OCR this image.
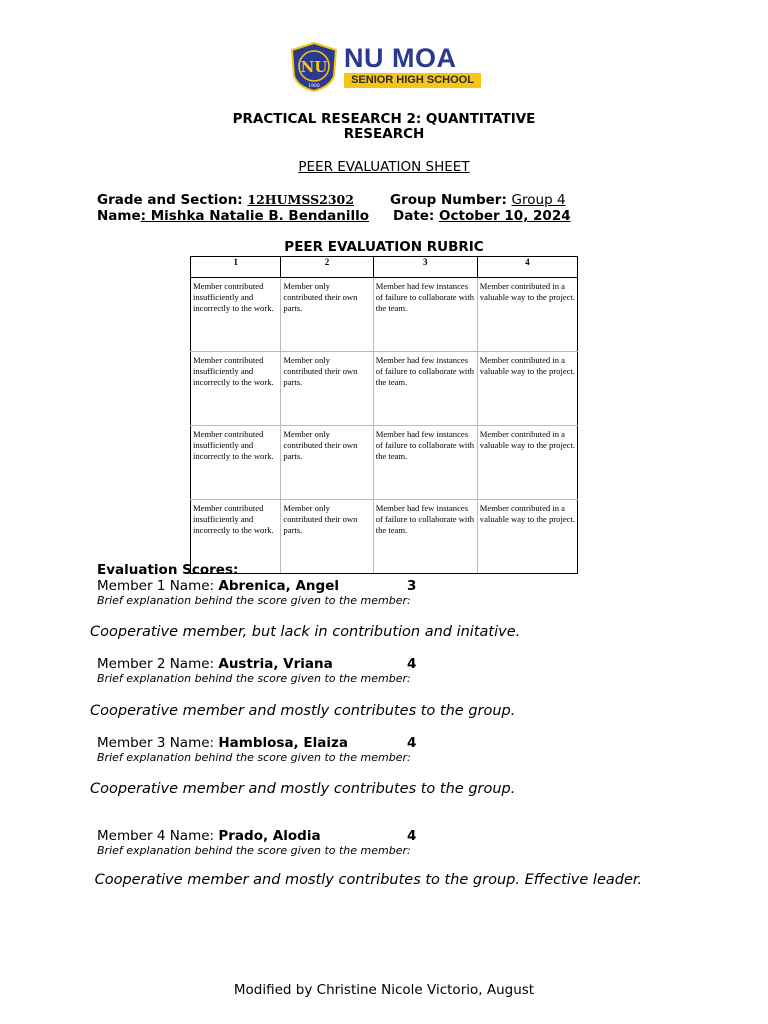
NU
1900
NU MOA
SENIOR HIGH SCHOOL
PRACTICAL RESEARCH 2: QUANTITATIVE
RESEARCH
PEER EVALUATION SHEET
Grade and Section: 12HUMSS2302	Group Number: Group 4
Name: Mishka Natalie B. Bendanillo Date: October 10, 2024
PEER EVALUATION RUBRIC
1	2	3	4
Member contributed insufficiently and incorrectly to the work.	Member only contributed their own parts.	Member had few instances of failure to collaborate with the team.	Member contributed in a valuable way to the project.
Member contributed insufficiently and incorrectly to the work.	Member only contributed their own parts.	Member had few instances of failure to collaborate with the team.	Member contributed in a valuable way to the project.
Member contributed insufficiently and incorrectly to the work.	Member only contributed their own parts.	Member had few instances of failure to collaborate with the team.	Member contributed in a valuable way to the project.
Member contributed insufficiently and incorrectly to the work.	Member only contributed their own parts.	Member had few instances of failure to collaborate with the team.	Member contributed in a valuable way to the project.
Evaluation Scores:
Member 1 Name: Abrenica, Angel	3
Brief explanation behind the score given to the member:
Cooperative member, but lack in contribution and initative.
Member 2 Name: Austria, Vriana	4
Brief explanation behind the score given to the member:
Cooperative member and mostly contributes to the group.
Member 3 Name: Hamblosa, Elaiza	4
Brief explanation behind the score given to the member:
Cooperative member and mostly contributes to the group.
Member 4 Name: Prado, Alodia	4
Brief explanation behind the score given to the member:
Cooperative member and mostly contributes to the group. Effective leader.
Modified by Christine Nicole Victorio, August
